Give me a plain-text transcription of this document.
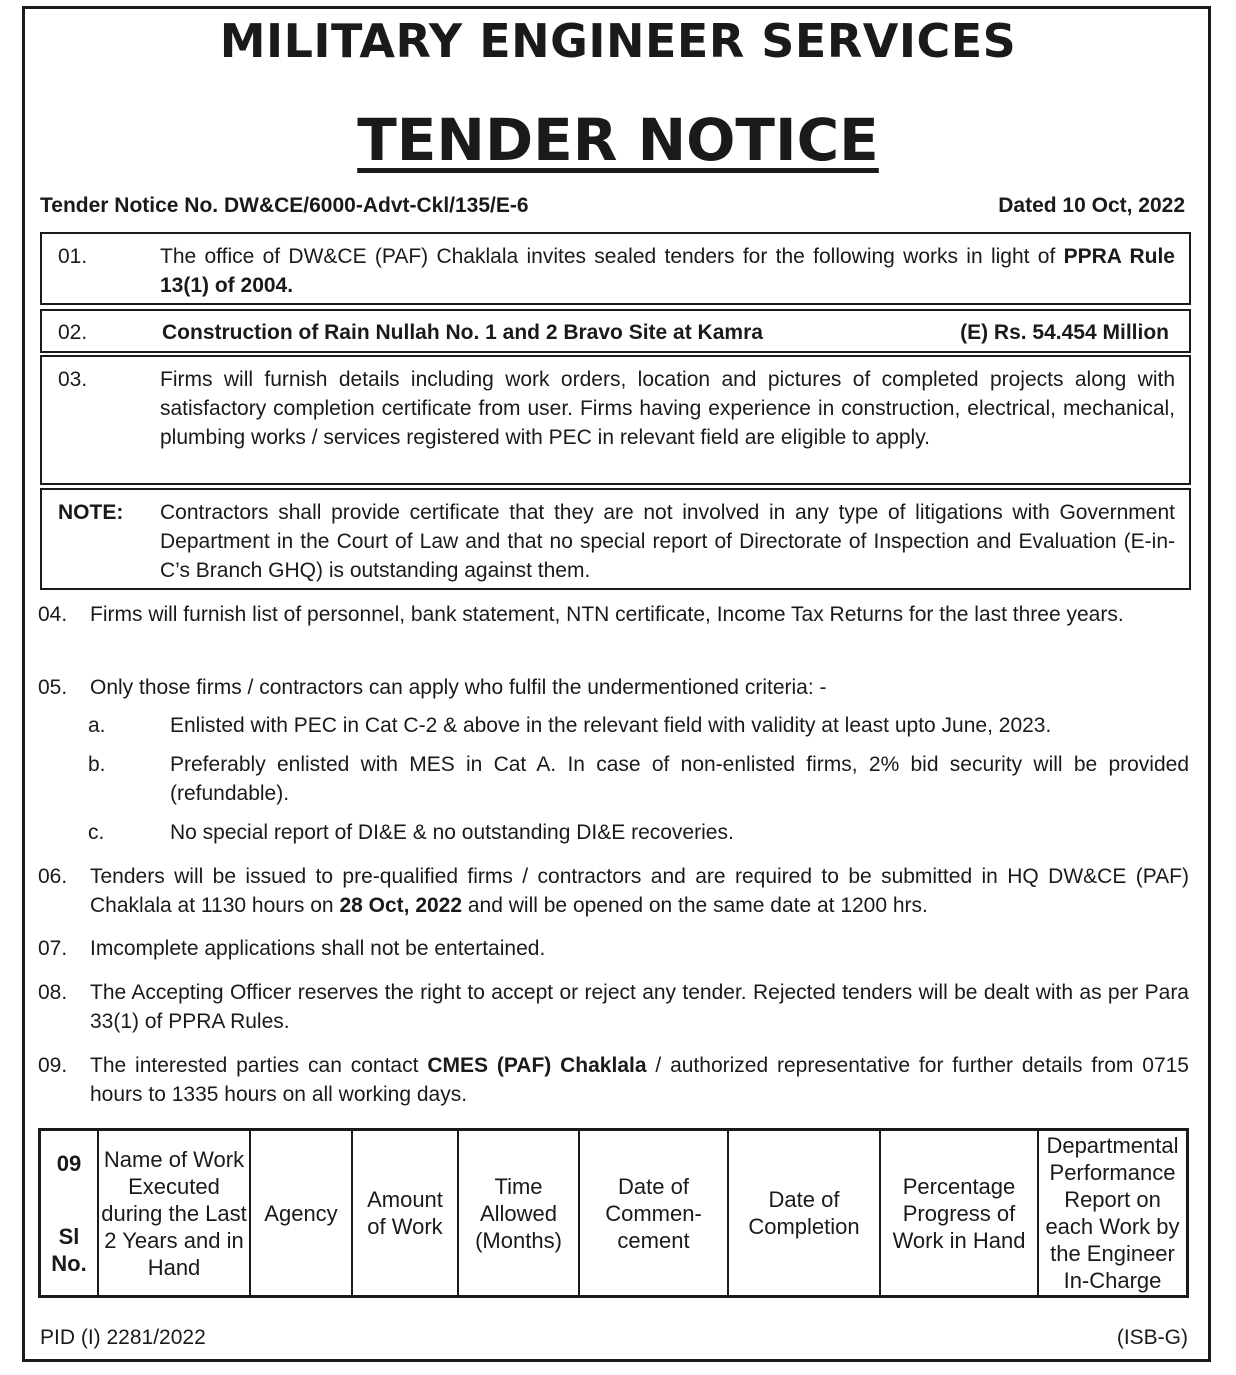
MILITARY ENGINEER SERVICES
TENDER NOTICE
Tender Notice No. DW&CE/6000-Advt-Ckl/135/E-6	Dated 10 Oct, 2022
01.	The office of DW&CE (PAF) Chaklala invites sealed tenders for the following works in light of PPRA Rule 13(1) of 2004.
02.	Construction of Rain Nullah No. 1 and 2 Bravo Site at Kamra	(E) Rs. 54.454 Million
03.	Firms will furnish details including work orders, location and pictures of completed projects along with satisfactory completion certificate from user. Firms having experience in construction, electrical, mechanical, plumbing works / services registered with PEC in relevant field are eligible to apply.
NOTE: Contractors shall provide certificate that they are not involved in any type of litigations with Government Department in the Court of Law and that no special report of Directorate of Inspection and Evaluation (E-in-C’s Branch GHQ) is outstanding against them.
04. Firms will furnish list of personnel, bank statement, NTN certificate, Income Tax Returns for the last three years.
05. Only those firms / contractors can apply who fulfil the undermentioned criteria: -
a.	Enlisted with PEC in Cat C-2 & above in the relevant field with validity at least upto June, 2023.
b.	Preferably enlisted with MES in Cat A. In case of non-enlisted firms, 2% bid security will be provided (refundable).
c.	No special report of DI&E & no outstanding DI&E recoveries.
06. Tenders will be issued to pre-qualified firms / contractors and are required to be submitted in HQ DW&CE (PAF) Chaklala at 1130 hours on 28 Oct, 2022 and will be opened on the same date at 1200 hrs.
07. Imcomplete applications shall not be entertained.
08. The Accepting Officer reserves the right to accept or reject any tender. Rejected tenders will be dealt with as per Para 33(1) of PPRA Rules.
09. The interested parties can contact CMES (PAF) Chaklala / authorized representative for further details from 0715 hours to 1335 hours on all working days.
09
Sl No.
	Name of Work Executed during the Last 2 Years and in Hand	Agency	Amount of Work	Time Allowed (Months)	Date of Commen-cement	Date of Completion	Percentage Progress of Work in Hand	Departmental Performance Report on each Work by the Engineer In-Charge
PID (I) 2281/2022	(ISB-G)
